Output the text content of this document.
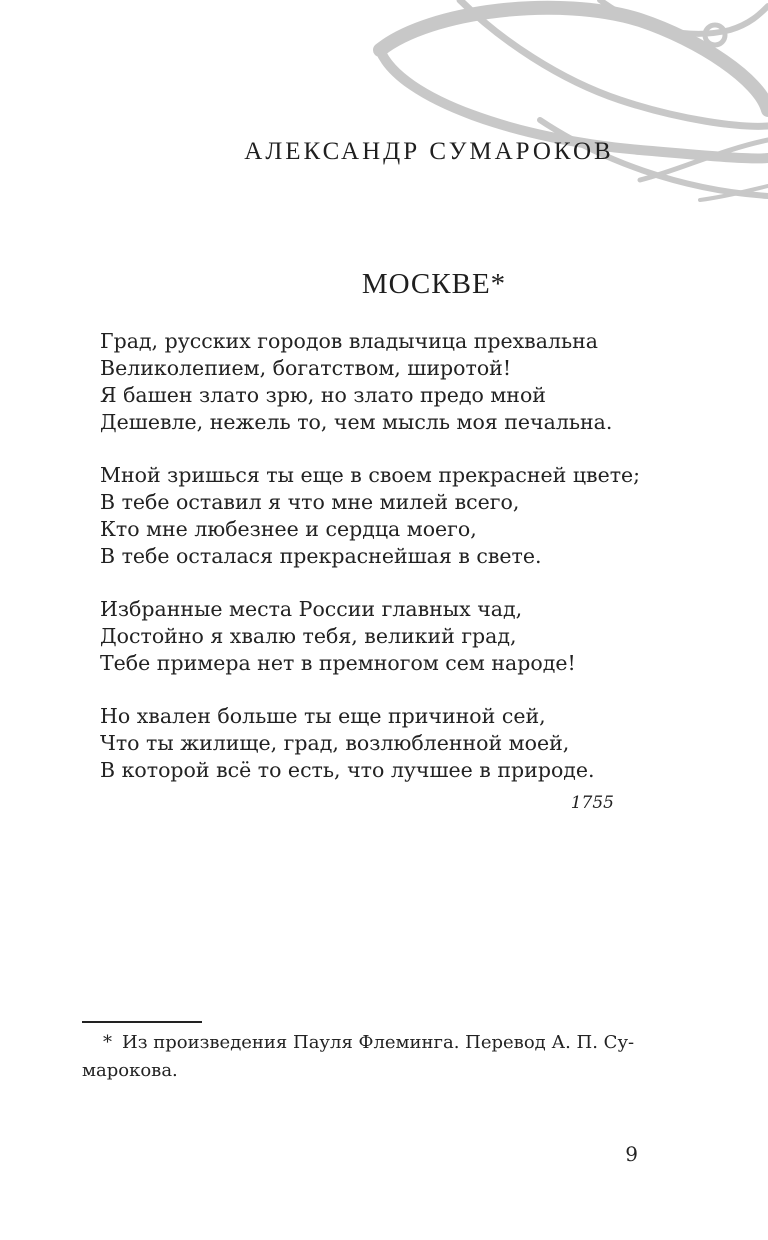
АЛЕКСАНДР СУМАРОКОВ
МОСКВЕ*
Град, русских городов владычица прехвальна
Великолепием, богатством, широтой!
Я башен злато зрю, но злато предо мной
Дешевле, нежель то, чем мысль моя печальна.
Мной зришься ты еще в своем прекрасней цвете;
В тебе оставил я что мне милей всего,
Кто мне любезнее и сердца моего,
В тебе осталася прекраснейшая в свете.
Избранные места России главных чад,
Достойно я хвалю тебя, великий град,
Тебе примера нет в премногом сем народе!
Но хвален больше ты еще причиной сей,
Что ты жилище, град, возлюбленной моей,
В которой всё то есть, что лучшее в природе.
1755
* Из произведения Пауля Флеминга. Перевод А. П. Су-
марокова.
9
